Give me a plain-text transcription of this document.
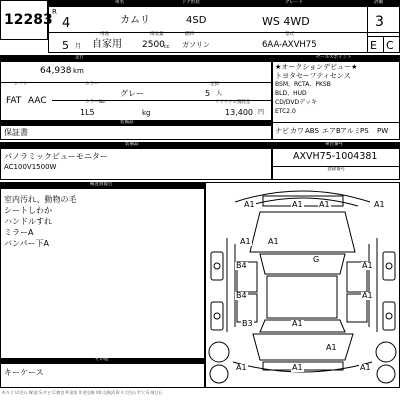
12283
車名	ドア形状	グレード	評価
R
4	カムリ	4SD	WS 4WD	3
用途	排気量	燃料	型式
5 月 自家用 2500 cc ガソリン	6AA-AXVH75	E C
走行
64,938 km
シフト	カラー	定員
FAT AAC
グレー	5 人
カラーNo.	リサイクル預託金
1L5	kg	13,400 円
装備品
保証書
セールスポイント
★オークションデビュー★
トヨタセーフティセンス
BSM、RCTA、PKSB
BLD、HUD
CD/DVDデッキ
ETC2.0
ナビ カワ ABS エアB アルミ PS PW
装備品
パノラミックビューモニター
AC100V1500W
車台番号
AXVH75-1004381
登録番号
検査員報告
室内汚れ、動物の毛
シートしわか
ハンドルすれ
ミラーA
バンパー下A
その他
キーケース
A1	A1 A1	A1
A1 A1
G
B4	A1
B4	A1
B3	A1
A1
A1	A1	A1
A:キズ U:凹み W:波 S:サビ C:腐食 P:塗装 X:要交換 XX:交換済 B:キズ凹み Y:穴 G:飛び石
